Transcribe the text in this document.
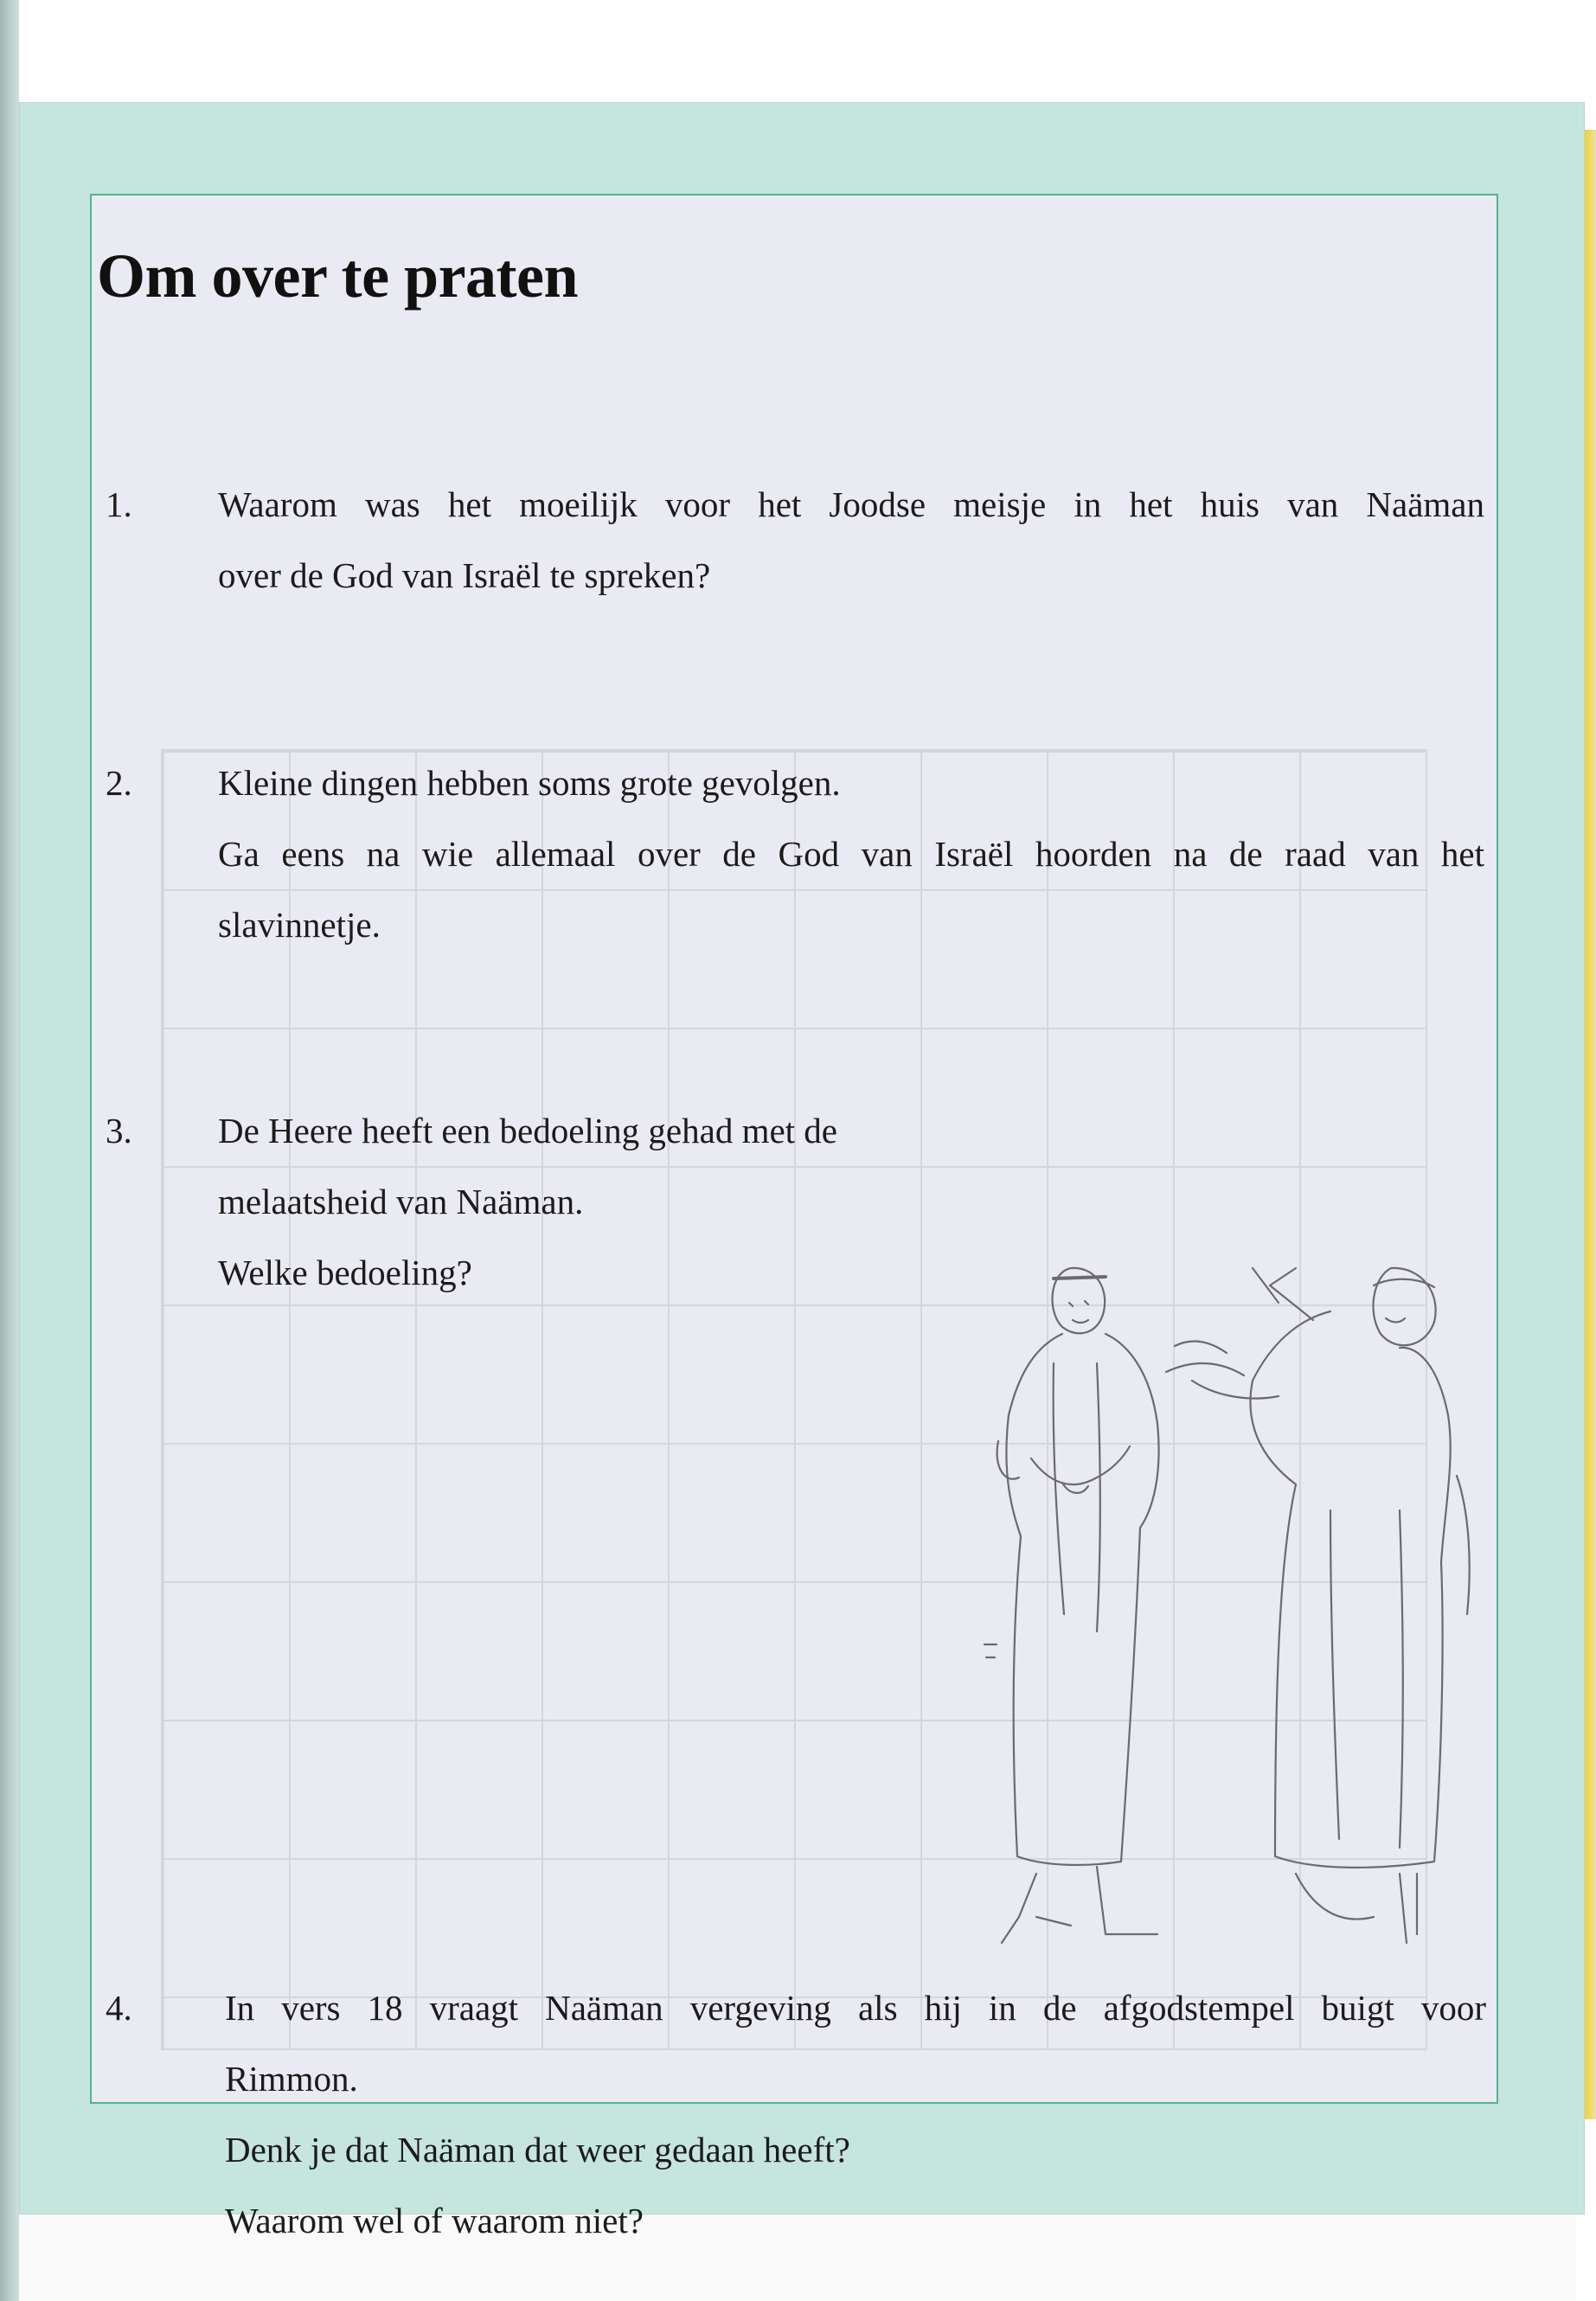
Om over te praten
1. Waarom was het moeilijk voor het Joodse meisje in het huis van Naäman
over de God van Israël te spreken?
2. Kleine dingen hebben soms grote gevolgen.
Ga eens na wie allemaal over de God van Israël hoorden na de raad van het
slavinnetje.
3. De Heere heeft een bedoeling gehad met de
melaatsheid van Naäman.
Welke bedoeling?
4.	In vers 18 vraagt Naäman vergeving als hij in de afgodstempel buigt voor
Rimmon.
Denk je dat Naäman dat weer gedaan heeft?
Waarom wel of waarom niet?
